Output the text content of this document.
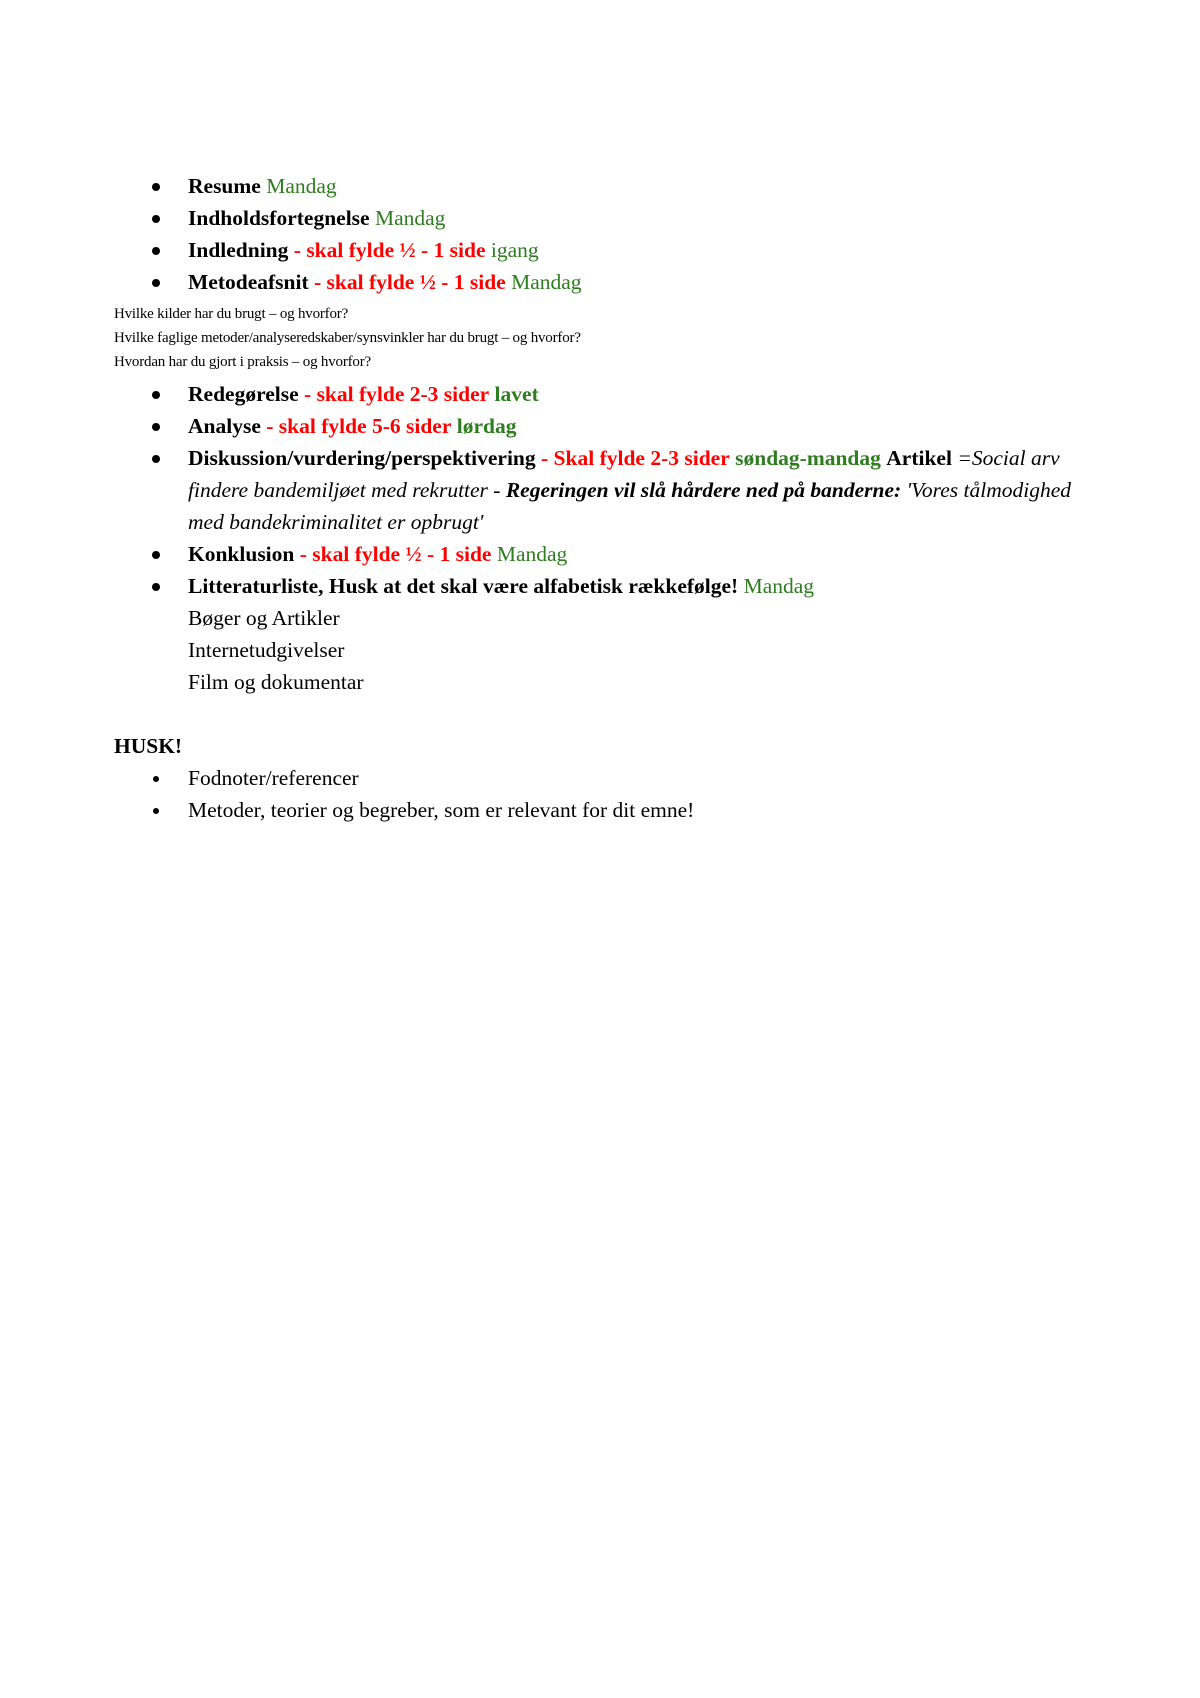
Resume Mandag
Indholdsfortegnelse Mandag
Indledning - skal fylde ½ - 1 side igang
Metodeafsnit - skal fylde ½ - 1 side Mandag
Hvilke kilder har du brugt – og hvorfor?
Hvilke faglige metoder/analyseredskaber/synsvinkler har du brugt – og hvorfor?
Hvordan har du gjort i praksis – og hvorfor?
Redegørelse - skal fylde 2-3 sider lavet
Analyse - skal fylde 5-6 sider lørdag
Diskussion/vurdering/perspektivering - Skal fylde 2-3 sider søndag-mandag Artikel =Social arv findere bandemiljøet med rekrutter - Regeringen vil slå hårdere ned på banderne: 'Vores tålmodighed med bandekriminalitet er opbrugt'
Konklusion - skal fylde ½ - 1 side Mandag
Litteraturliste, Husk at det skal være alfabetisk rækkefølge! Mandag
Bøger og Artikler
Internetudgivelser
Film og dokumentar
HUSK!
Fodnoter/referencer
Metoder, teorier og begreber, som er relevant for dit emne!
